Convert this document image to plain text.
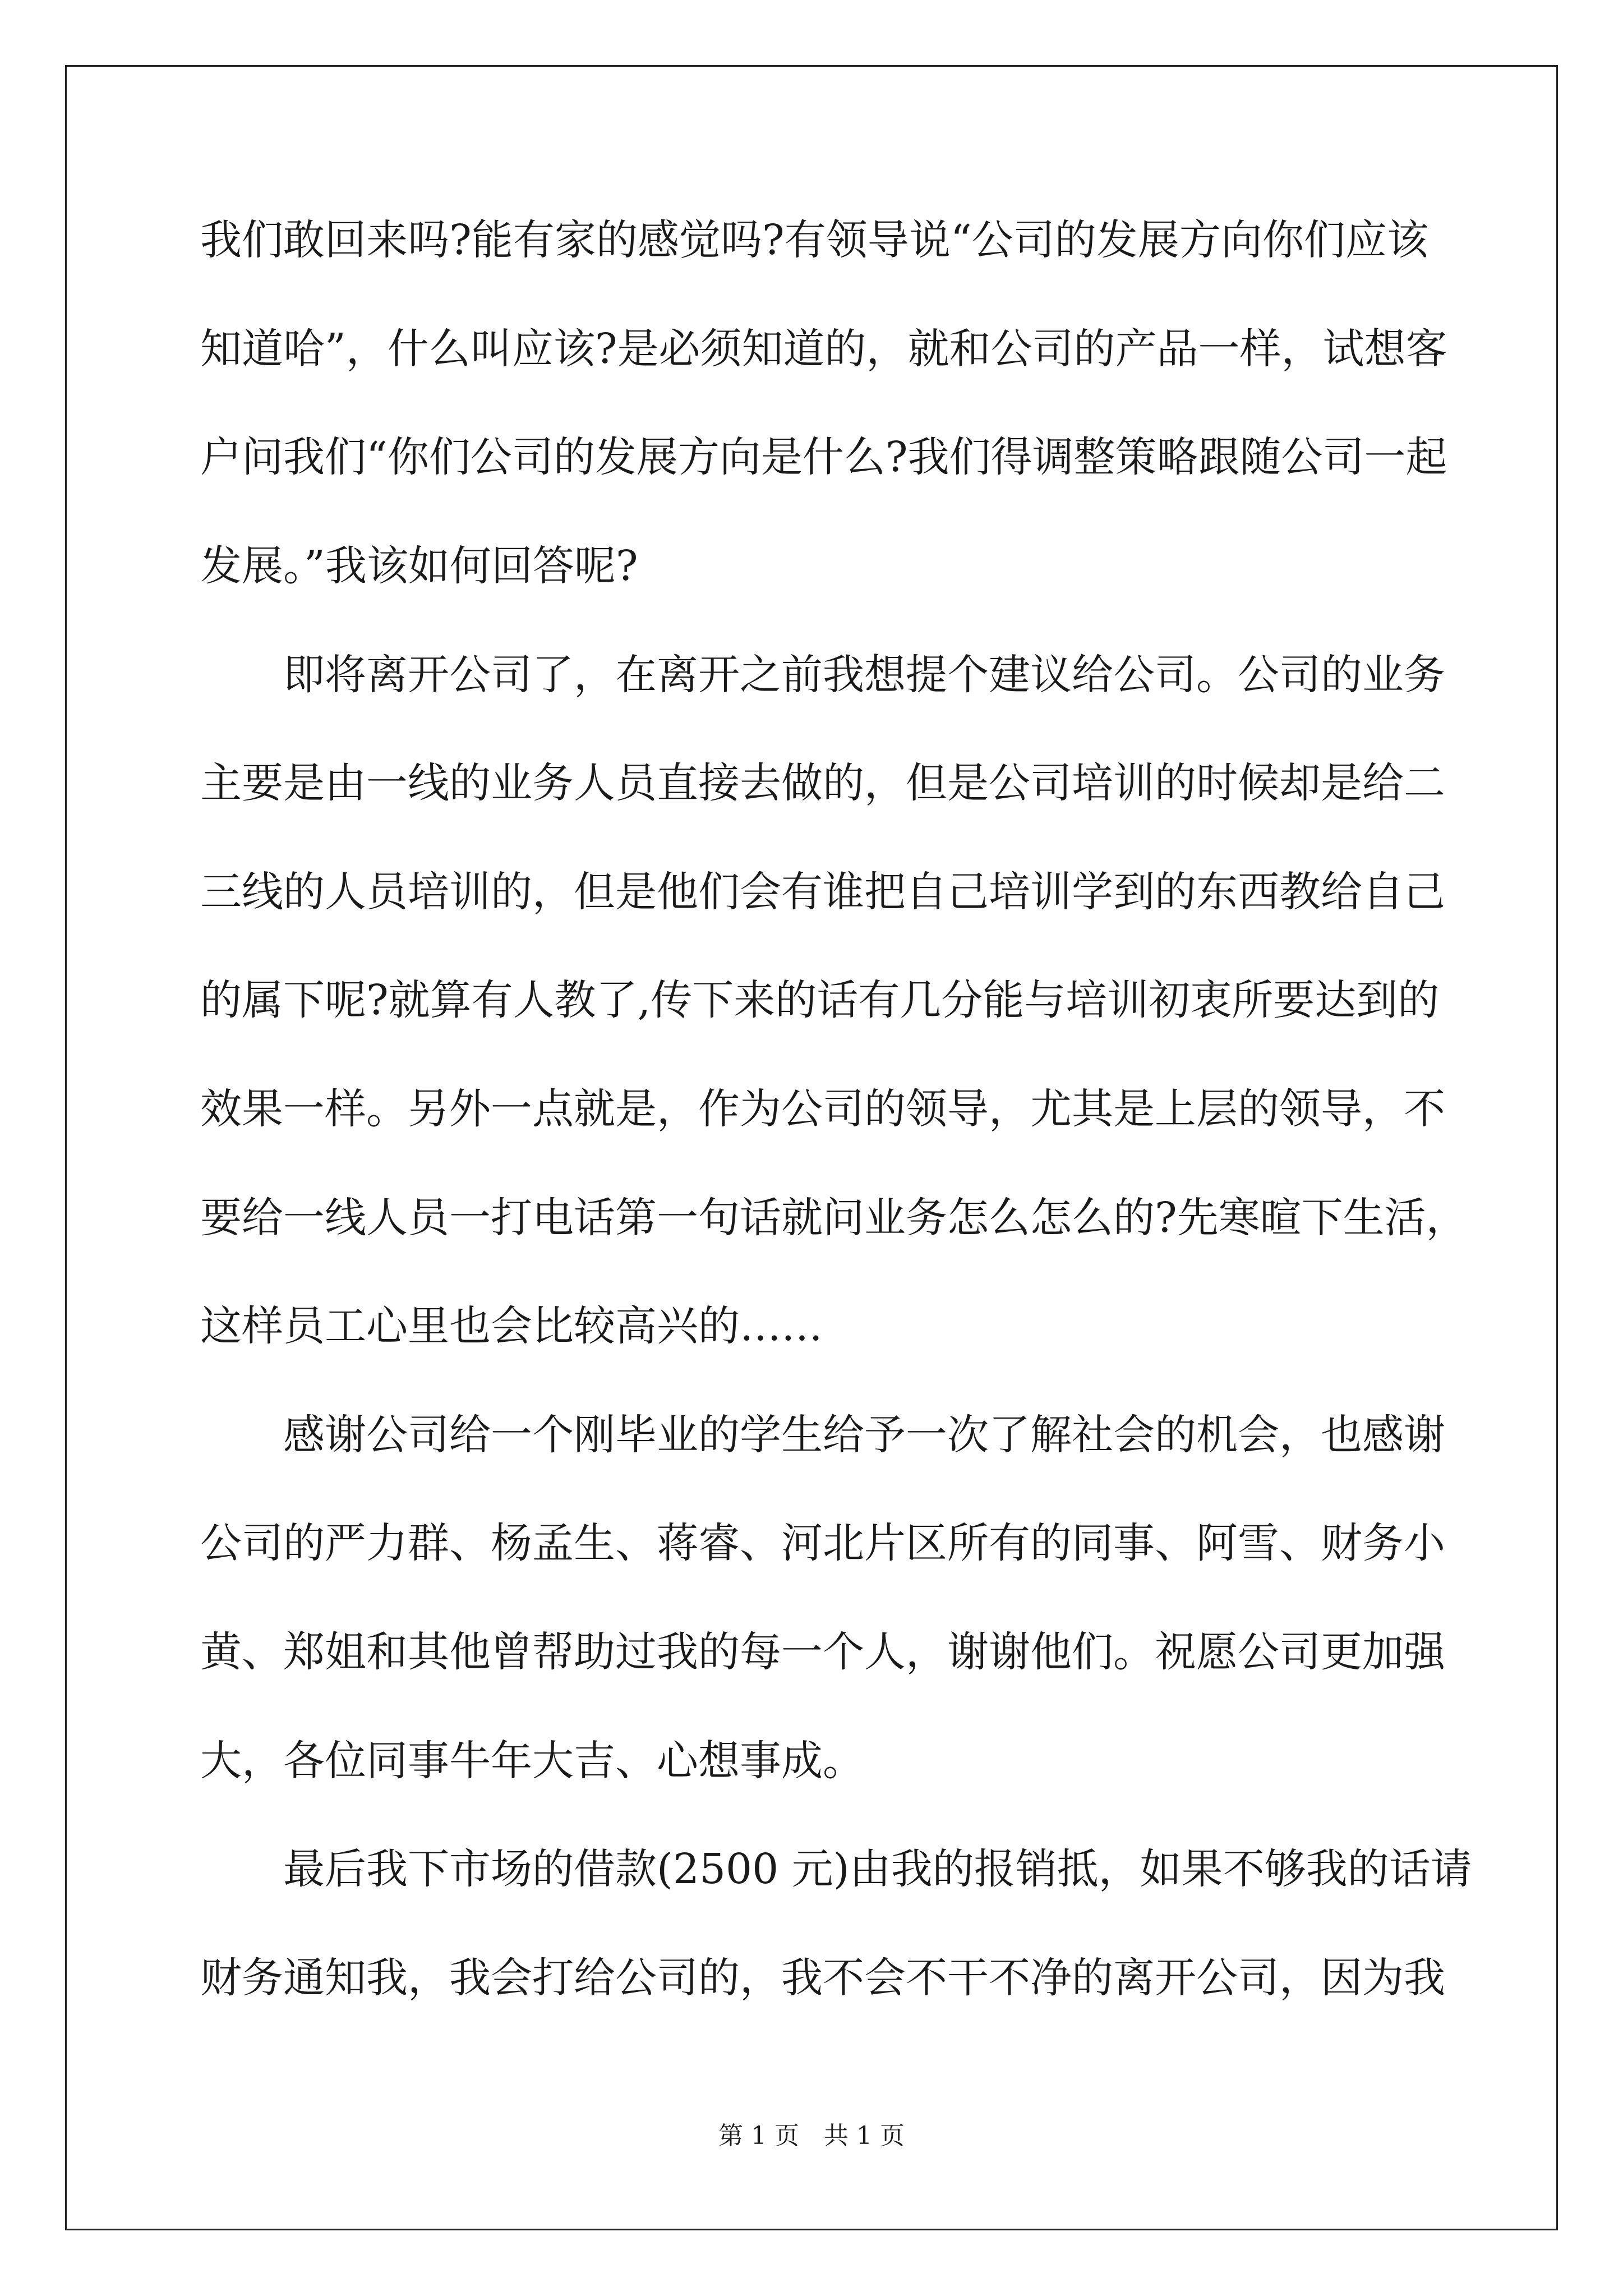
我们敢回来吗?能有家的感觉吗?有领导说“公司的发展方向你们应该
知道哈”，什么叫应该?是必须知道的，就和公司的产品一样，试想客
户问我们“你们公司的发展方向是什么?我们得调整策略跟随公司一起
发展。”我该如何回答呢?
即将离开公司了，在离开之前我想提个建议给公司。公司的业务
主要是由一线的业务人员直接去做的，但是公司培训的时候却是给二
三线的人员培训的，但是他们会有谁把自己培训学到的东西教给自己
的属下呢?就算有人教了,传下来的话有几分能与培训初衷所要达到的
效果一样。另外一点就是，作为公司的领导，尤其是上层的领导，不
要给一线人员一打电话第一句话就问业务怎么怎么的?先寒暄下生活，
这样员工心里也会比较高兴的……
感谢公司给一个刚毕业的学生给予一次了解社会的机会，也感谢
公司的严力群、杨孟生、蒋睿、河北片区所有的同事、阿雪、财务小
黄、郑姐和其他曾帮助过我的每一个人，谢谢他们。祝愿公司更加强
大，各位同事牛年大吉、心想事成。
最后我下市场的借款(2500 元)由我的报销抵，如果不够我的话请
财务通知我，我会打给公司的，我不会不干不净的离开公司，因为我
第 1 页　共 1 页
